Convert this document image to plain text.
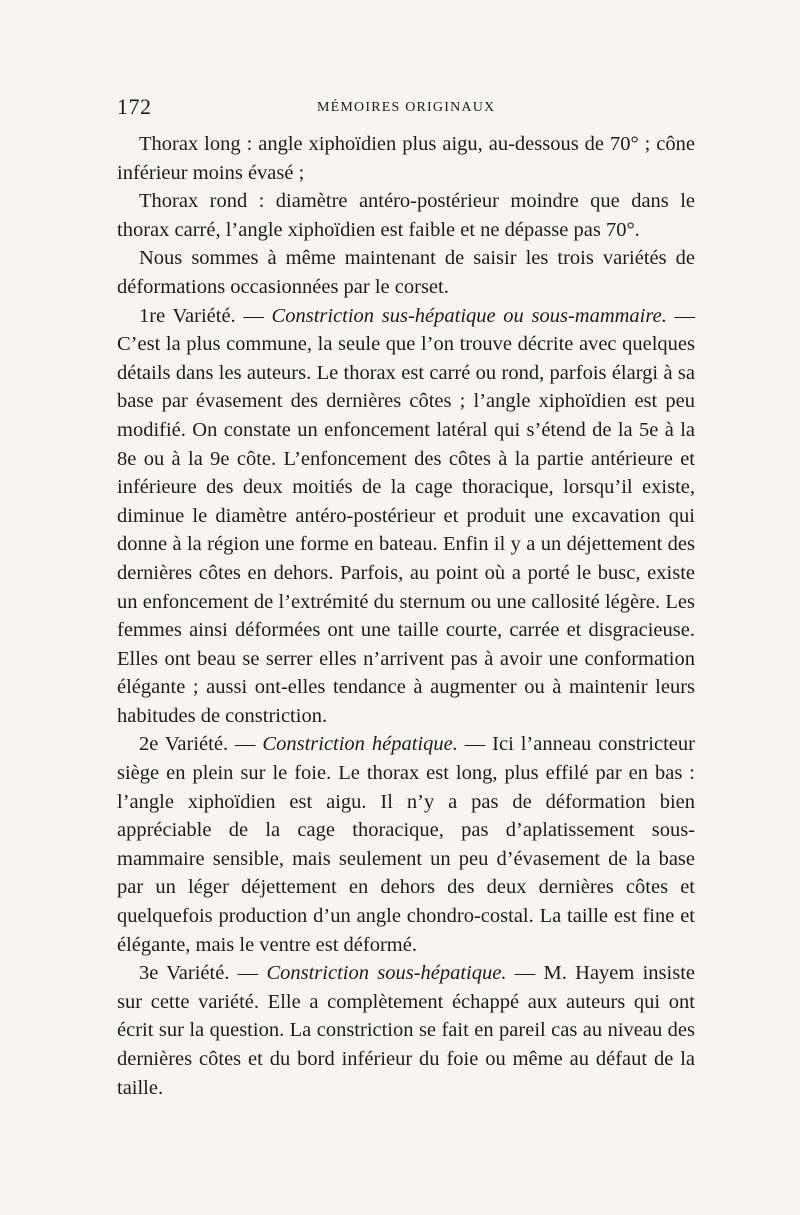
172	MÉMOIRES ORIGINAUX

Thorax long : angle xiphoïdien plus aigu, au-dessous de 70° ; cône inférieur moins évasé ;

Thorax rond : diamètre antéro-postérieur moindre que dans le thorax carré, l’angle xiphoïdien est faible et ne dépasse pas 70°.

Nous sommes à même maintenant de saisir les trois variétés de déformations occasionnées par le corset.

1re Variété. — Constriction sus-hépatique ou sous-mammaire. — C’est la plus commune, la seule que l’on trouve décrite avec quelques détails dans les auteurs. Le thorax est carré ou rond, parfois élargi à sa base par évasement des dernières côtes ; l’angle xiphoïdien est peu modifié. On constate un enfoncement latéral qui s’étend de la 5e à la 8e ou à la 9e côte. L’enfoncement des côtes à la partie antérieure et inférieure des deux moitiés de la cage thoracique, lorsqu’il existe, diminue le diamètre antéro-postérieur et produit une excavation qui donne à la région une forme en bateau. Enfin il y a un déjettement des dernières côtes en dehors. Parfois, au point où a porté le busc, existe un enfoncement de l’extrémité du sternum ou une callosité légère. Les femmes ainsi déformées ont une taille courte, carrée et disgracieuse. Elles ont beau se serrer elles n’arrivent pas à avoir une conformation élégante ; aussi ont-elles tendance à augmenter ou à maintenir leurs habitudes de constriction.

2e Variété. — Constriction hépatique. — Ici l’anneau constricteur siège en plein sur le foie. Le thorax est long, plus effilé par en bas : l’angle xiphoïdien est aigu. Il n’y a pas de déformation bien appréciable de la cage thoracique, pas d’aplatissement sous-mammaire sensible, mais seulement un peu d’évasement de la base par un léger déjettement en dehors des deux dernières côtes et quelquefois production d’un angle chondro-costal. La taille est fine et élégante, mais le ventre est déformé.

3e Variété. — Constriction sous-hépatique. — M. Hayem insiste sur cette variété. Elle a complètement échappé aux auteurs qui ont écrit sur la question. La constriction se fait en pareil cas au niveau des dernières côtes et du bord inférieur du foie ou même au défaut de la taille.
